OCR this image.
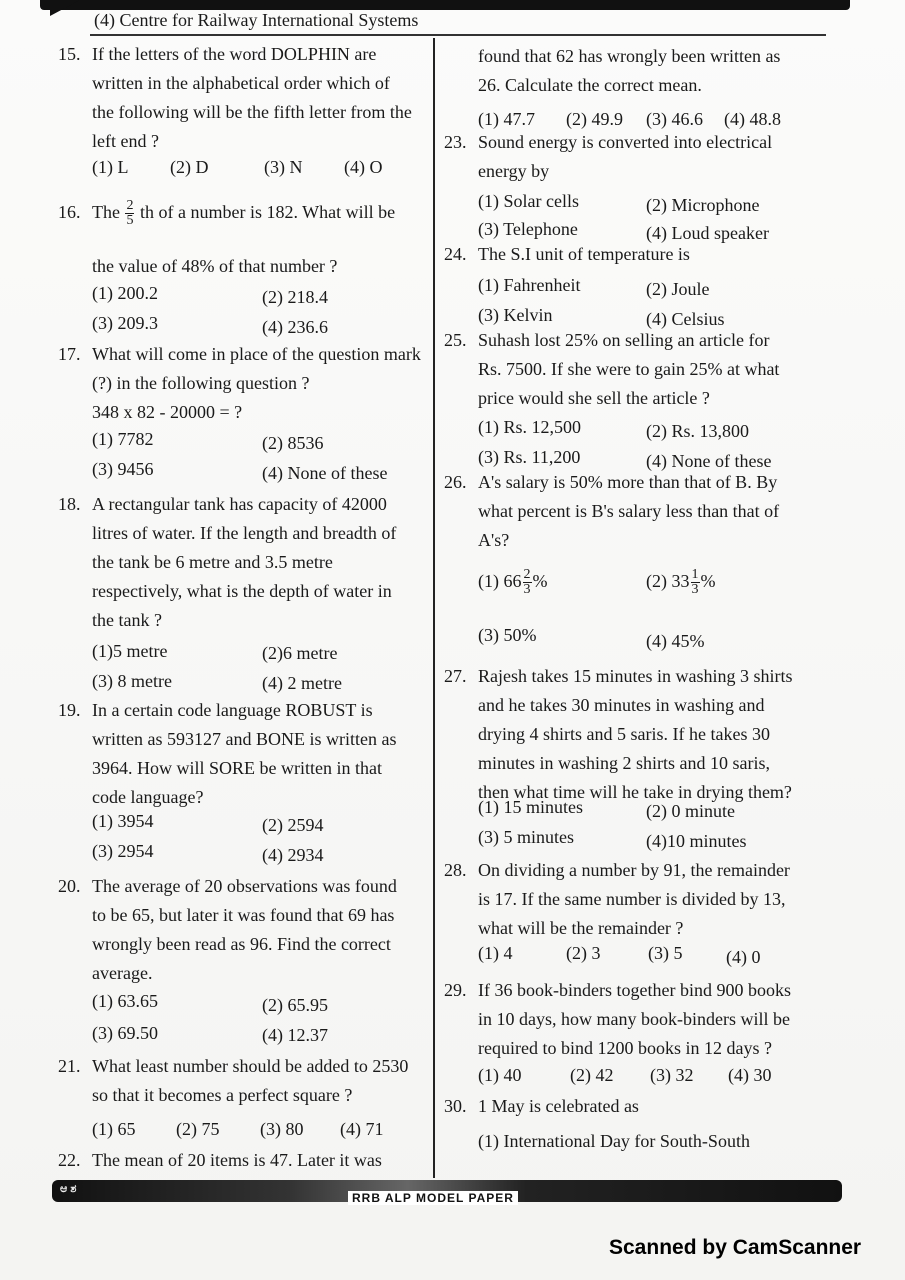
(4) Centre for Railway International Systems
15. If the letters of the word DOLPHIN are
written in the alphabetical order which of
the following will be the fifth letter from the
left end ?
(1) L (2) D	(3) N (4) O
16. The $\frac{2}{5}$ th of a number is 182. What will be
the value of 48% of that number ?
(1) 200.2	(2) 218.4
(3) 209.3	(4) 236.6
17. What will come in place of the question mark
(?) in the following question ?
348 x 82 - 20000 = ?
(1) 7782	(2) 8536
(3) 9456	(4) None of these
18. A rectangular tank has capacity of 42000
litres of water. If the length and breadth of
the tank be 6 metre and 3.5 metre
respectively, what is the depth of water in
the tank ?
(1)5 metre	(2)6 metre
(3) 8 metre	(4) 2 metre
19. In a certain code language ROBUST is
written as 593127 and BONE is written as
3964. How will SORE be written in that
code language?
(1) 3954	(2) 2594
(3) 2954	(4) 2934
20. The average of 20 observations was found
to be 65, but later it was found that 69 has
wrongly been read as 96. Find the correct
average.
(1) 63.65	(2) 65.95
(3) 69.50	(4) 12.37
21. What least number should be added to 2530
so that it becomes a perfect square ?
(1) 65 (2) 75 (3) 80 (4) 71
22. The mean of 20 items is 47. Later it was
found that 62 has wrongly been written as
26. Calculate the correct mean.
(1) 47.7 (2) 49.9 (3) 46.6 (4) 48.8
23. Sound energy is converted into electrical
energy by
(1) Solar cells	(2) Microphone
(3) Telephone	(4) Loud speaker
24. The S.I unit of temperature is
(1) Fahrenheit	(2) Joule
(3) Kelvin	(4) Celsius
25. Suhash lost 25% on selling an article for
Rs. 7500. If she were to gain 25% at what
price would she sell the article ?
(1) Rs. 12,500	(2) Rs. 13,800
(3) Rs. 11,200	(4) None of these
26. A's salary is 50% more than that of B. By
what percent is B's salary less than that of
A's?
(1) $66 \frac{2}{3}$ %	(2) $33 \frac{1}{3}$ %
(3) 50%	(4) 45%
27. Rajesh takes 15 minutes in washing 3 shirts
and he takes 30 minutes in washing and
drying 4 shirts and 5 saris. If he takes 30
minutes in washing 2 shirts and 10 saris,
then what time will he take in drying them?
(1) 15 minutes	(2) 0 minute
(3) 5 minutes	(4)10 minutes
28. On dividing a number by 91, the remainder
is 17. If the same number is divided by 13,
what will be the remainder ?
(1) 4	(2) 3	(3) 5 (4) 0
29. If 36 book-binders together bind 900 books
in 10 days, how many book-binders will be
required to bind 1200 books in 12 days ?
(1) 40	(2) 42 (3) 32 (4) 30
30. 1 May is celebrated as
(1) International Day for South-South
ಆ ಶ
RRB ALP MODEL PAPER
Scanned by CamScanner
